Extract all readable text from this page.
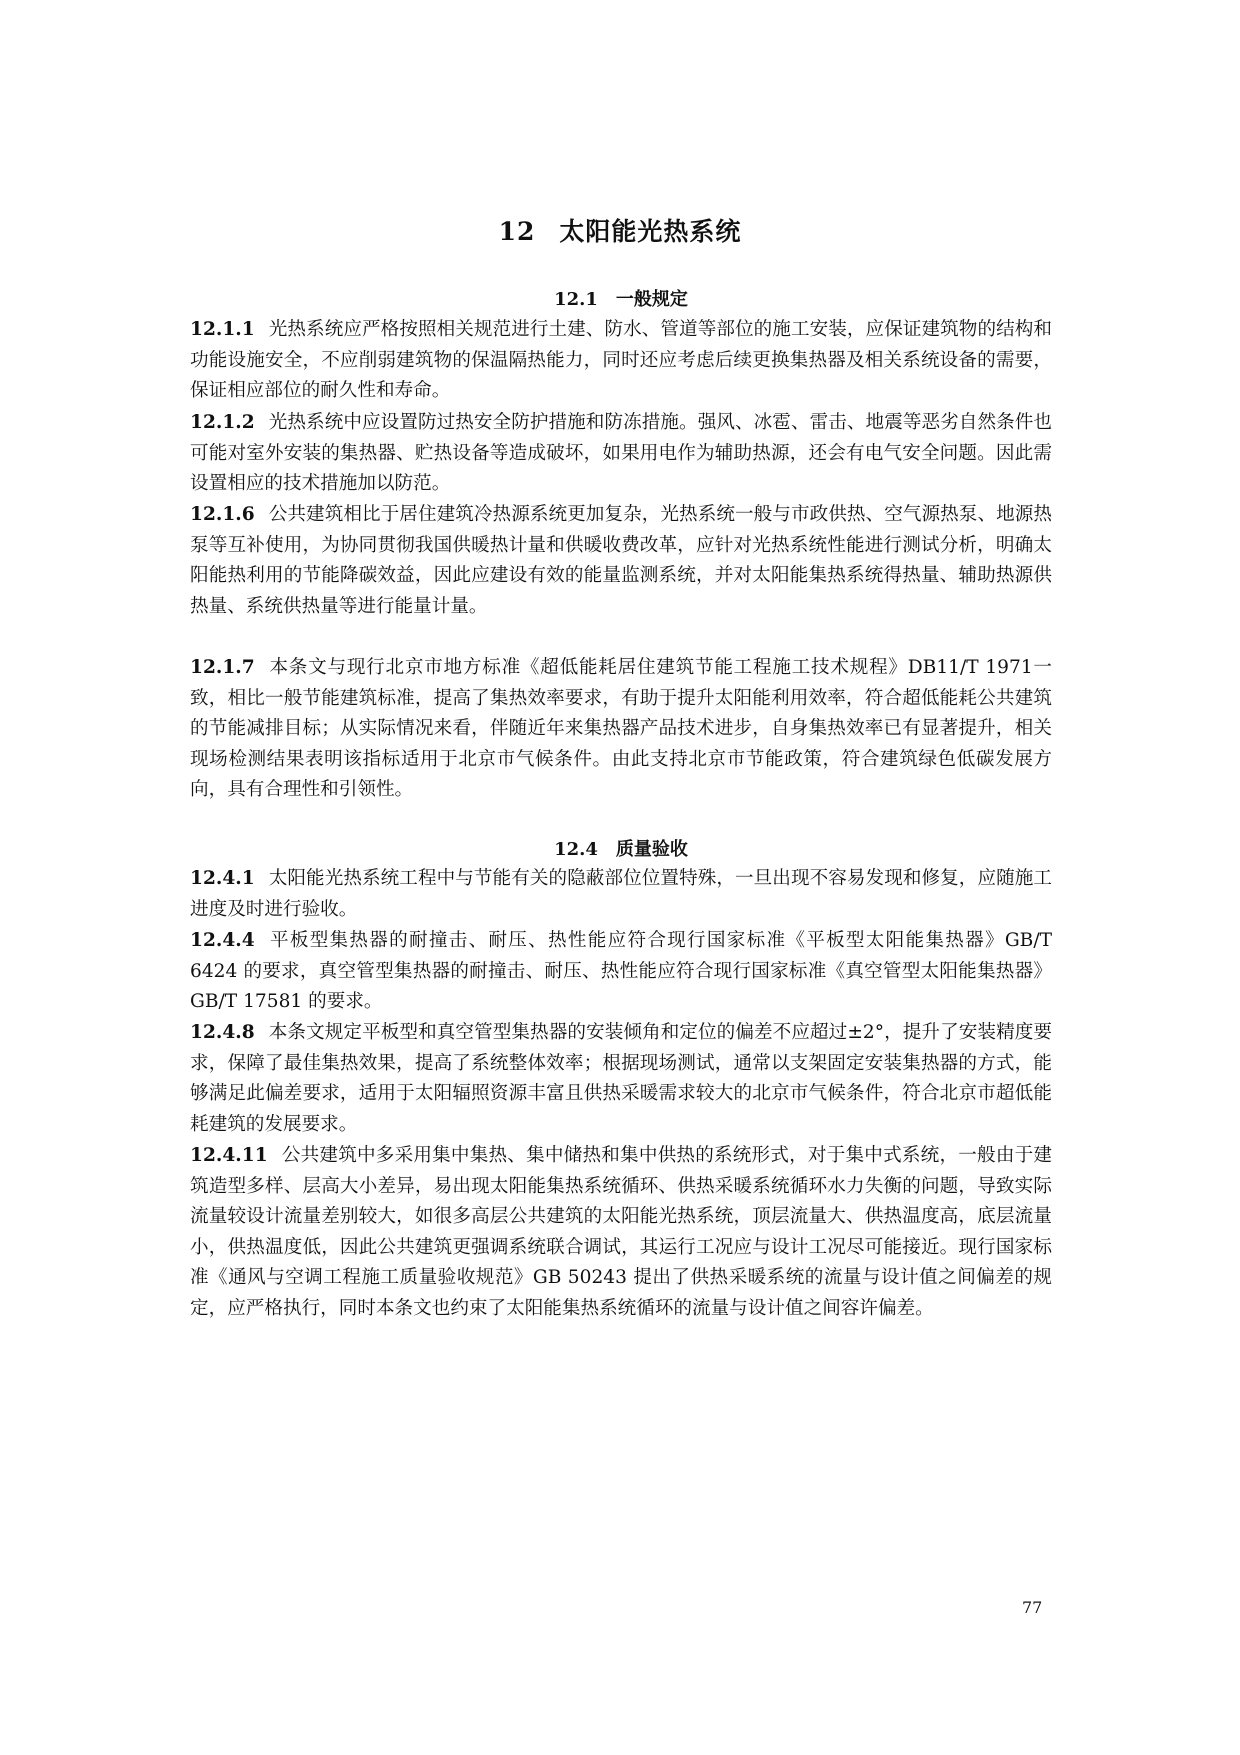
12 太阳能光热系统
12.1 一般规定

12.1.1 光热系统应严格按照相关规范进行土建、防水、管道等部位的施工安装，应保证建筑物的结构和功能设施安全，不应削弱建筑物的保温隔热能力，同时还应考虑后续更换集热器及相关系统设备的需要，保证相应部位的耐久性和寿命。

12.1.2 光热系统中应设置防过热安全防护措施和防冻措施。强风、冰雹、雷击、地震等恶劣自然条件也可能对室外安装的集热器、贮热设备等造成破坏，如果用电作为辅助热源，还会有电气安全问题。因此需设置相应的技术措施加以防范。

12.1.6 公共建筑相比于居住建筑冷热源系统更加复杂，光热系统一般与市政供热、空气源热泵、地源热泵等互补使用，为协同贯彻我国供暖热计量和供暖收费改革，应针对光热系统性能进行测试分析，明确太阳能热利用的节能降碳效益，因此应建设有效的能量监测系统，并对太阳能集热系统得热量、辅助热源供热量、系统供热量等进行能量计量。

12.1.7 本条文与现行北京市地方标准《超低能耗居住建筑节能工程施工技术规程》DB11/T 1971一致，相比一般节能建筑标准，提高了集热效率要求，有助于提升太阳能利用效率，符合超低能耗公共建筑的节能减排目标；从实际情况来看，伴随近年来集热器产品技术进步，自身集热效率已有显著提升，相关现场检测结果表明该指标适用于北京市气候条件。由此支持北京市节能政策，符合建筑绿色低碳发展方向，具有合理性和引领性。

12.4 质量验收

12.4.1 太阳能光热系统工程中与节能有关的隐蔽部位位置特殊，一旦出现不容易发现和修复，应随施工进度及时进行验收。

12.4.4 平板型集热器的耐撞击、耐压、热性能应符合现行国家标准《平板型太阳能集热器》GB/T 6424 的要求，真空管型集热器的耐撞击、耐压、热性能应符合现行国家标准《真空管型太阳能集热器》GB/T 17581 的要求。

12.4.8 本条文规定平板型和真空管型集热器的安装倾角和定位的偏差不应超过±2°，提升了安装精度要求，保障了最佳集热效果，提高了系统整体效率；根据现场测试，通常以支架固定安装集热器的方式，能够满足此偏差要求，适用于太阳辐照资源丰富且供热采暖需求较大的北京市气候条件，符合北京市超低能耗建筑的发展要求。

12.4.11 公共建筑中多采用集中集热、集中储热和集中供热的系统形式，对于集中式系统，一般由于建筑造型多样、层高大小差异，易出现太阳能集热系统循环、供热采暖系统循环水力失衡的问题，导致实际流量较设计流量差别较大，如很多高层公共建筑的太阳能光热系统，顶层流量大、供热温度高，底层流量小，供热温度低，因此公共建筑更强调系统联合调试，其运行工况应与设计工况尽可能接近。现行国家标准《通风与空调工程施工质量验收规范》GB 50243 提出了供热采暖系统的流量与设计值之间偏差的规定，应严格执行，同时本条文也约束了太阳能集热系统循环的流量与设计值之间容许偏差。

77
